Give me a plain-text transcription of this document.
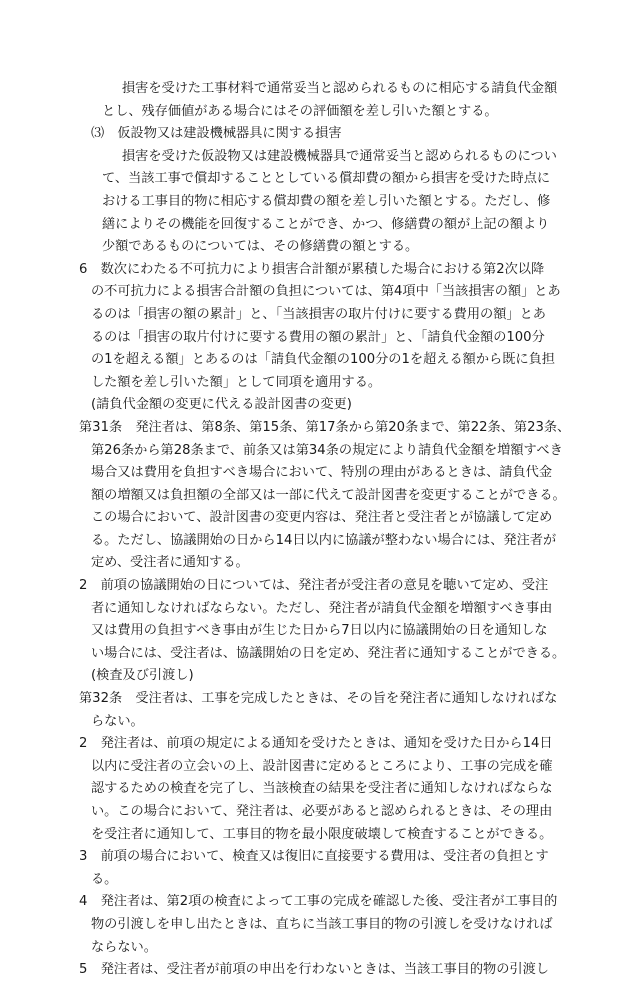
損害を受けた工事材料で通常妥当と認められるものに相応する請負代金額
とし、残存価値がある場合にはその評価額を差し引いた額とする。
⑶　仮設物又は建設機械器具に関する損害
損害を受けた仮設物又は建設機械器具で通常妥当と認められるものについ
て、当該工事で償却することとしている償却費の額から損害を受けた時点に
おける工事目的物に相応する償却費の額を差し引いた額とする。ただし、修
繕によりその機能を回復することができ、かつ、修繕費の額が上記の額より
少額であるものについては、その修繕費の額とする。
6　数次にわたる不可抗力により損害合計額が累積した場合における第2次以降
の不可抗力による損害合計額の負担については、第4項中「当該損害の額」とあ
るのは「損害の額の累計」と、「当該損害の取片付けに要する費用の額」とあ
るのは「損害の取片付けに要する費用の額の累計」と、「請負代金額の100分
の1を超える額」とあるのは「請負代金額の100分の1を超える額から既に負担
した額を差し引いた額」として同項を適用する。
(請負代金額の変更に代える設計図書の変更)
第31条　発注者は、第8条、第15条、第17条から第20条まで、第22条、第23条、
第26条から第28条まで、前条又は第34条の規定により請負代金額を増額すべき
場合又は費用を負担すべき場合において、特別の理由があるときは、請負代金
額の増額又は負担額の全部又は一部に代えて設計図書を変更することができる。
この場合において、設計図書の変更内容は、発注者と受注者とが協議して定め
る。ただし、協議開始の日から14日以内に協議が整わない場合には、発注者が
定め、受注者に通知する。
2　前項の協議開始の日については、発注者が受注者の意見を聴いて定め、受注
者に通知しなければならない。ただし、発注者が請負代金額を増額すべき事由
又は費用の負担すべき事由が生じた日から7日以内に協議開始の日を通知しな
い場合には、受注者は、協議開始の日を定め、発注者に通知することができる。
(検査及び引渡し)
第32条　受注者は、工事を完成したときは、その旨を発注者に通知しなければな
らない。
2　発注者は、前項の規定による通知を受けたときは、通知を受けた日から14日
以内に受注者の立会いの上、設計図書に定めるところにより、工事の完成を確
認するための検査を完了し、当該検査の結果を受注者に通知しなければならな
い。この場合において、発注者は、必要があると認められるときは、その理由
を受注者に通知して、工事目的物を最小限度破壊して検査することができる。
3　前項の場合において、検査又は復旧に直接要する費用は、受注者の負担とす
る。
4　発注者は、第2項の検査によって工事の完成を確認した後、受注者が工事目的
物の引渡しを申し出たときは、直ちに当該工事目的物の引渡しを受けなければ
ならない。
5　発注者は、受注者が前項の申出を行わないときは、当該工事目的物の引渡し
